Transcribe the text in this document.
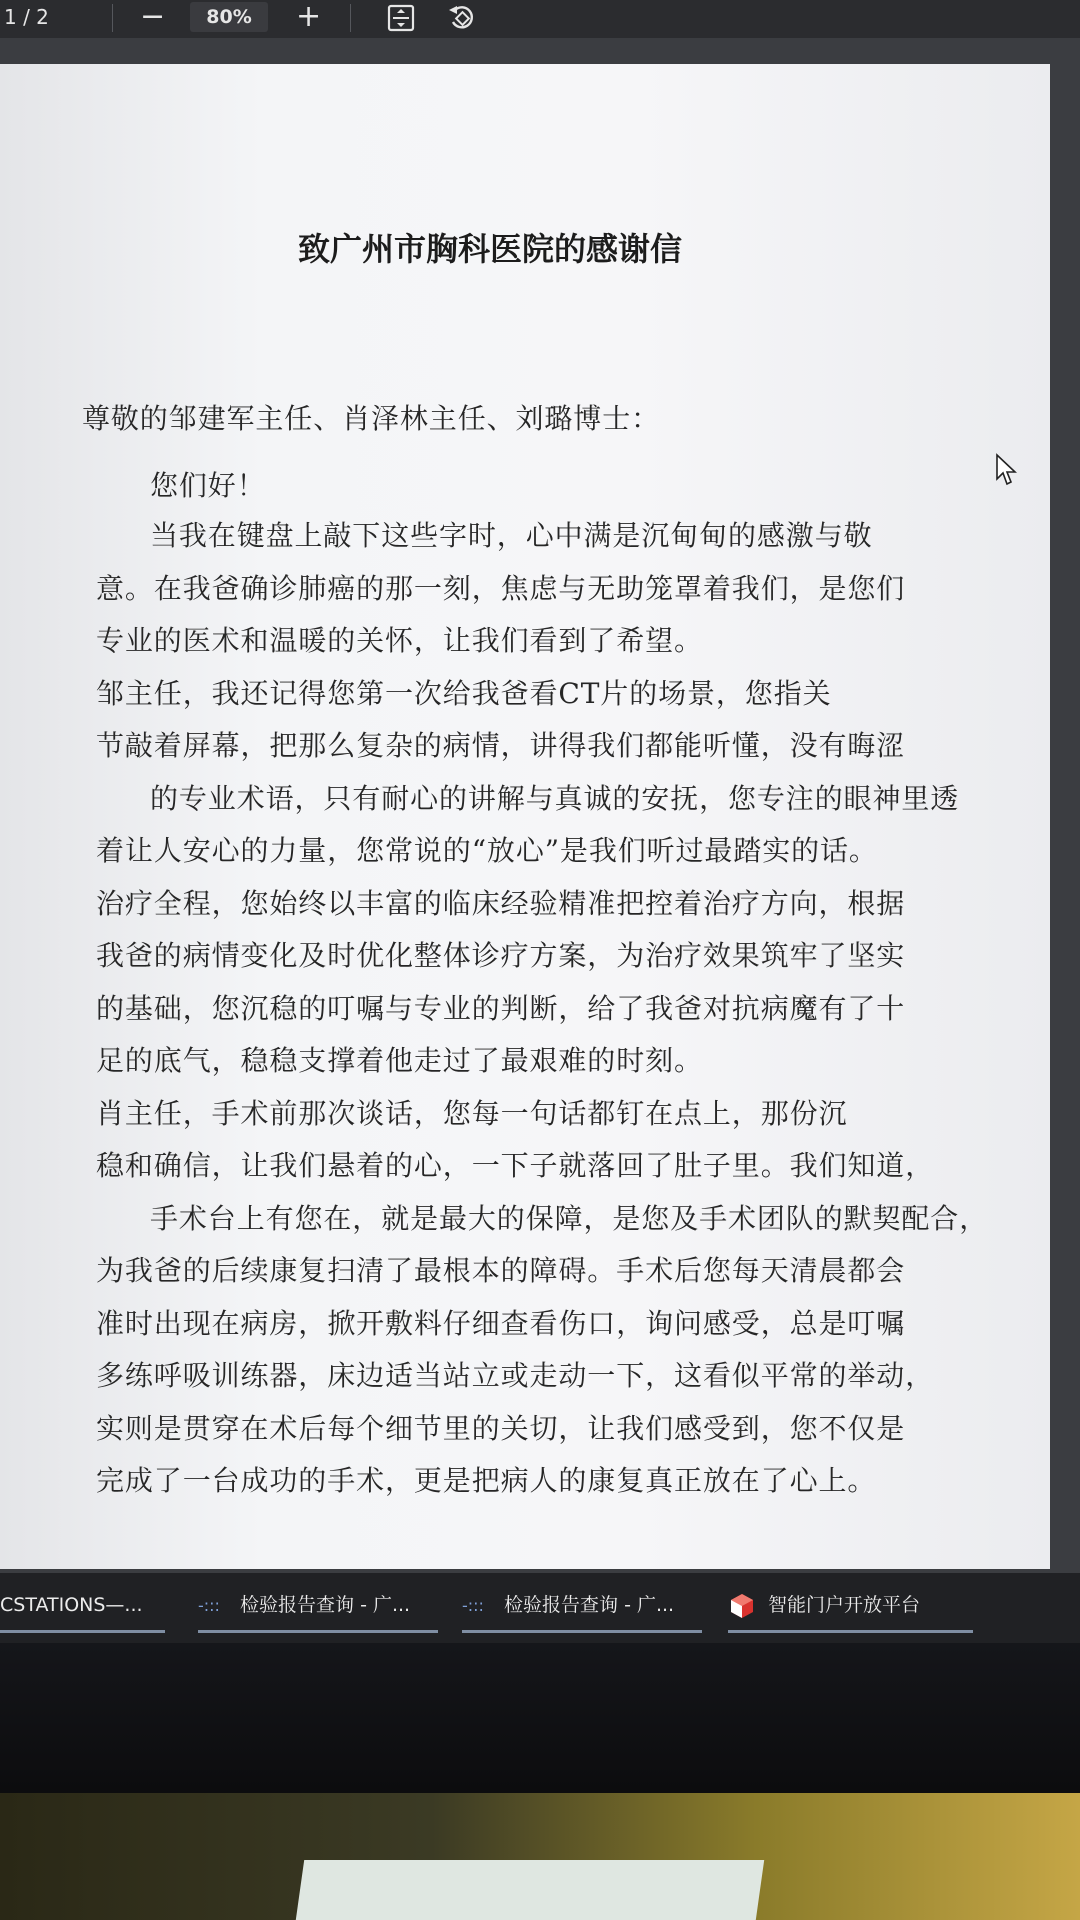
1 / 2	−	80%	+
致广州市胸科医院的感谢信
尊敬的邹建军主任、肖泽林主任、刘璐博士：
您们好！
当我在键盘上敲下这些字时，心中满是沉甸甸的感激与敬
意。在我爸确诊肺癌的那一刻，焦虑与无助笼罩着我们，是您们
专业的医术和温暖的关怀，让我们看到了希望。
邹主任，我还记得您第一次给我爸看CT片的场景，您指关
节敲着屏幕，把那么复杂的病情，讲得我们都能听懂，没有晦涩
的专业术语，只有耐心的讲解与真诚的安抚，您专注的眼神里透
着让人安心的力量，您常说的“放心”是我们听过最踏实的话。
治疗全程，您始终以丰富的临床经验精准把控着治疗方向，根据
我爸的病情变化及时优化整体诊疗方案，为治疗效果筑牢了坚实
的基础，您沉稳的叮嘱与专业的判断，给了我爸对抗病魔有了十
足的底气，稳稳支撑着他走过了最艰难的时刻。
肖主任，手术前那次谈话，您每一句话都钉在点上，那份沉
稳和确信，让我们悬着的心，一下子就落回了肚子里。我们知道，
手术台上有您在，就是最大的保障，是您及手术团队的默契配合，
为我爸的后续康复扫清了最根本的障碍。手术后您每天清晨都会
准时出现在病房，掀开敷料仔细查看伤口，询问感受，总是叮嘱
多练呼吸训练器，床边适当站立或走动一下，这看似平常的举动，
实则是贯穿在术后每个细节里的关切，让我们感受到，您不仅是
完成了一台成功的手术，更是把病人的康复真正放在了心上。
CSTATIONS—...	-::: 检验报告查询 - 广...	-::: 检验报告查询 - 广...	智能门户开放平台
